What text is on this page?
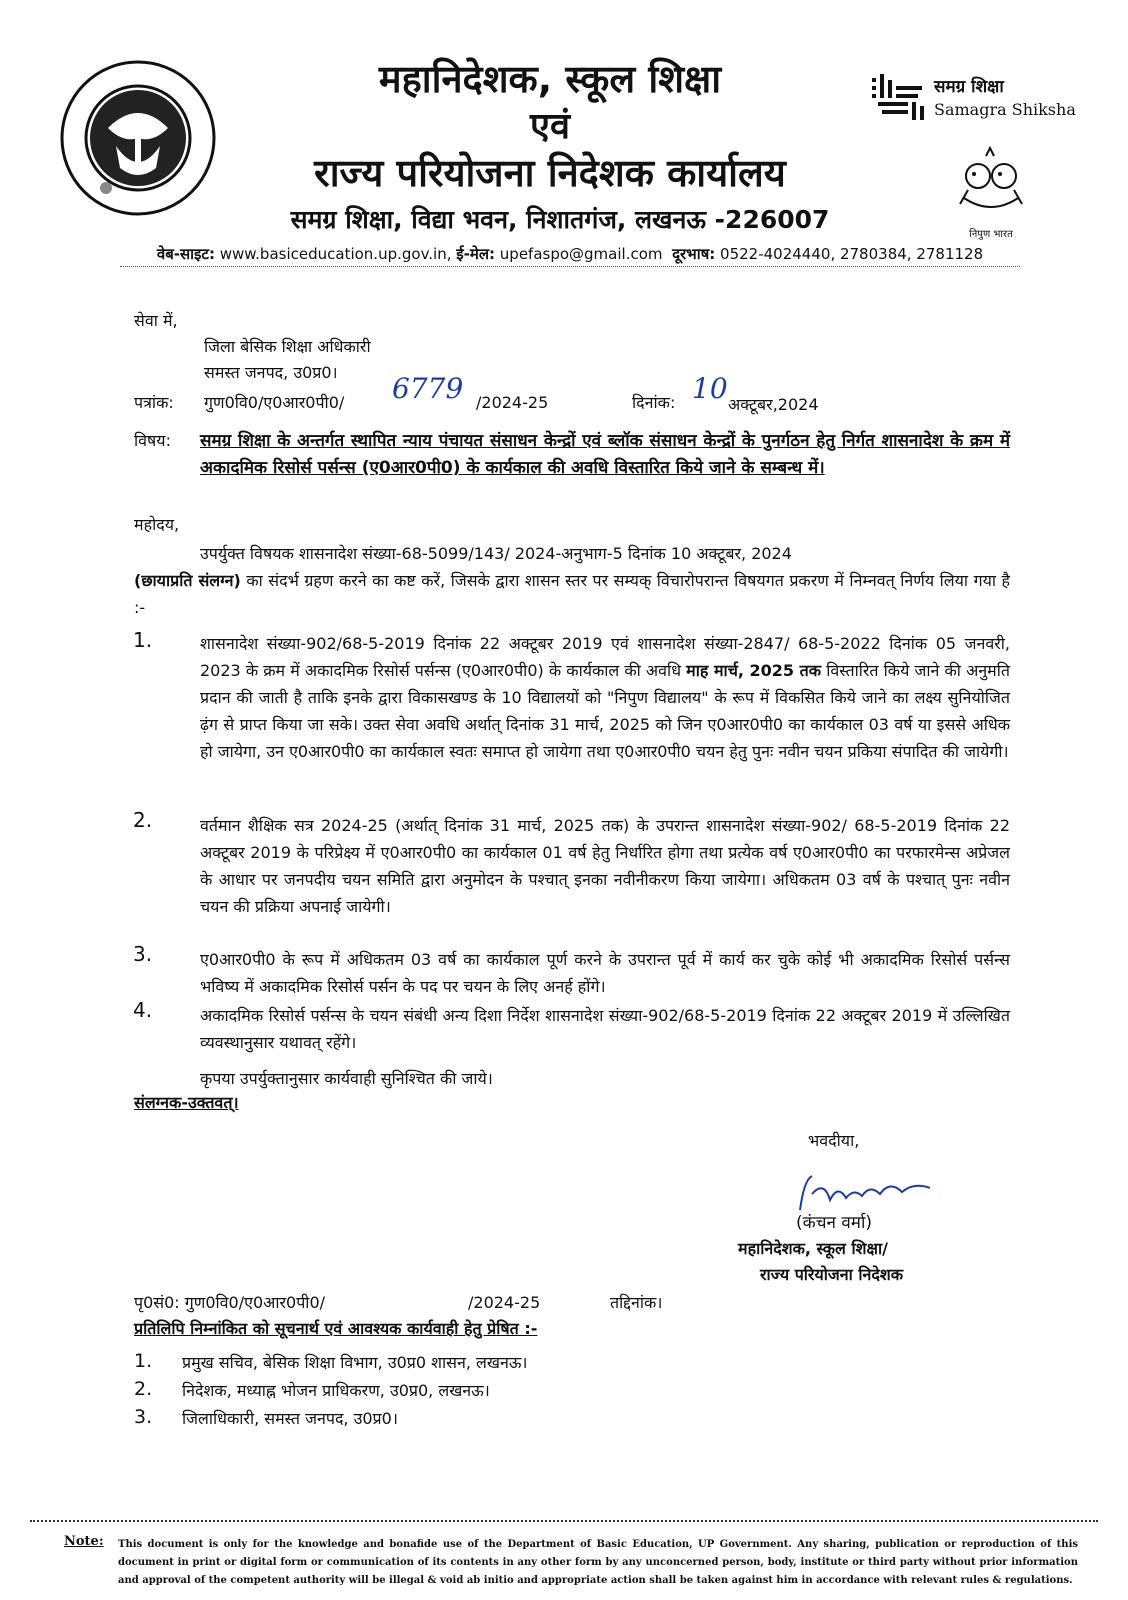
महानिदेशक, स्कूल शिक्षा
एवं
राज्य परियोजना निदेशक कार्यालय
समग्र शिक्षा
Samagra Shiksha
निपुण भारत
समग्र शिक्षा, विद्या भवन, निशातगंज, लखनऊ -226007
वेब-साइट: www.basiceducation.up.gov.in, ई-मेल: upefaspo@gmail.com दूरभाष: 0522-4024440, 2780384, 2781128
सेवा में,
जिला बेसिक शिक्षा अधिकारी
समस्त जनपद, उ0प्र0।
पत्रांक: गुण0वि0/ए0आर0पी0/ 6779 /2024-25	दिनांक: 10 अक्टूबर,2024
विषय: समग्र शिक्षा के अन्तर्गत स्थापित न्याय पंचायत संसाधन केन्द्रों एवं ब्लॉक संसाधन केन्द्रों के पुनर्गठन हेतु निर्गत शासनादेश के क्रम में अकादमिक रिसोर्स पर्सन्स (ए0आर0पी0) के कार्यकाल की अवधि विस्तारित किये जाने के सम्बन्ध में।
महोदय,
उपर्युक्त विषयक शासनादेश संख्या-68-5099/143/ 2024-अनुभाग-5 दिनांक 10 अक्टूबर, 2024
(छायाप्रति संलग्न) का संदर्भ ग्रहण करने का कष्ट करें, जिसके द्वारा शासन स्तर पर सम्यक् विचारोपरान्त विषयगत प्रकरण में निम्नवत् निर्णय लिया गया है :-
1.	शासनादेश संख्या-902/68-5-2019 दिनांक 22 अक्टूबर 2019 एवं शासनादेश संख्या-2847/ 68-5-2022 दिनांक 05 जनवरी, 2023 के क्रम में अकादमिक रिसोर्स पर्सन्स (ए0आर0पी0) के कार्यकाल की अवधि माह मार्च, 2025 तक विस्तारित किये जाने की अनुमति प्रदान की जाती है ताकि इनके द्वारा विकासखण्ड के 10 विद्यालयों को "निपुण विद्यालय" के रूप में विकसित किये जाने का लक्ष्य सुनियोजित ढ़ंग से प्राप्त किया जा सके। उक्त सेवा अवधि अर्थात् दिनांक 31 मार्च, 2025 को जिन ए0आर0पी0 का कार्यकाल 03 वर्ष या इससे अधिक हो जायेगा, उन ए0आर0पी0 का कार्यकाल स्वतः समाप्त हो जायेगा तथा ए0आर0पी0 चयन हेतु पुनः नवीन चयन प्रकिया संपादित की जायेगी।
2.	वर्तमान शैक्षिक सत्र 2024-25 (अर्थात् दिनांक 31 मार्च, 2025 तक) के उपरान्त शासनादेश संख्या-902/ 68-5-2019 दिनांक 22 अक्टूबर 2019 के परिप्रेक्ष्य में ए0आर0पी0 का कार्यकाल 01 वर्ष हेतु निर्धारित होगा तथा प्रत्येक वर्ष ए0आर0पी0 का परफारमेन्स अप्रेजल के आधार पर जनपदीय चयन समिति द्वारा अनुमोदन के पश्चात् इनका नवीनीकरण किया जायेगा। अधिकतम 03 वर्ष के पश्चात् पुनः नवीन चयन की प्रक्रिया अपनाई जायेगी।
3.	ए0आर0पी0 के रूप में अधिकतम 03 वर्ष का कार्यकाल पूर्ण करने के उपरान्त पूर्व में कार्य कर चुके कोई भी अकादमिक रिसोर्स पर्सन्स भविष्य में अकादमिक रिसोर्स पर्सन के पद पर चयन के लिए अनर्ह होंगे।
4.	अकादमिक रिसोर्स पर्सन्स के चयन संबंधी अन्य दिशा निर्देश शासनादेश संख्या-902/68-5-2019 दिनांक 22 अक्टूबर 2019 में उल्लिखित व्यवस्थानुसार यथावत् रहेंगे।
कृपया उपर्युक्तानुसार कार्यवाही सुनिश्चित की जाये।
संलग्नक-उक्तवत्।
भवदीया,
(कंचन वर्मा)
महानिदेशक, स्कूल शिक्षा/
राज्य परियोजना निदेशक
पृ0सं0: गुण0वि0/ए0आर0पी0/	/2024-25	तद्दिनांक।
प्रतिलिपि निम्नांकित को सूचनार्थ एवं आवश्यक कार्यवाही हेतु प्रेषित :-
1. प्रमुख सचिव, बेसिक शिक्षा विभाग, उ0प्र0 शासन, लखनऊ।
2. निदेशक, मध्याह्न भोजन प्राधिकरण, उ0प्र0, लखनऊ।
3. जिलाधिकारी, समस्त जनपद, उ0प्र0।
Note: This document is only for the knowledge and bonafide use of the Department of Basic Education, UP Government. Any sharing, publication or reproduction of this document in print or digital form or communication of its contents in any other form by any unconcerned person, body, institute or third party without prior information and approval of the competent authority will be illegal & void ab initio and appropriate action shall be taken against him in accordance with relevant rules & regulations.
